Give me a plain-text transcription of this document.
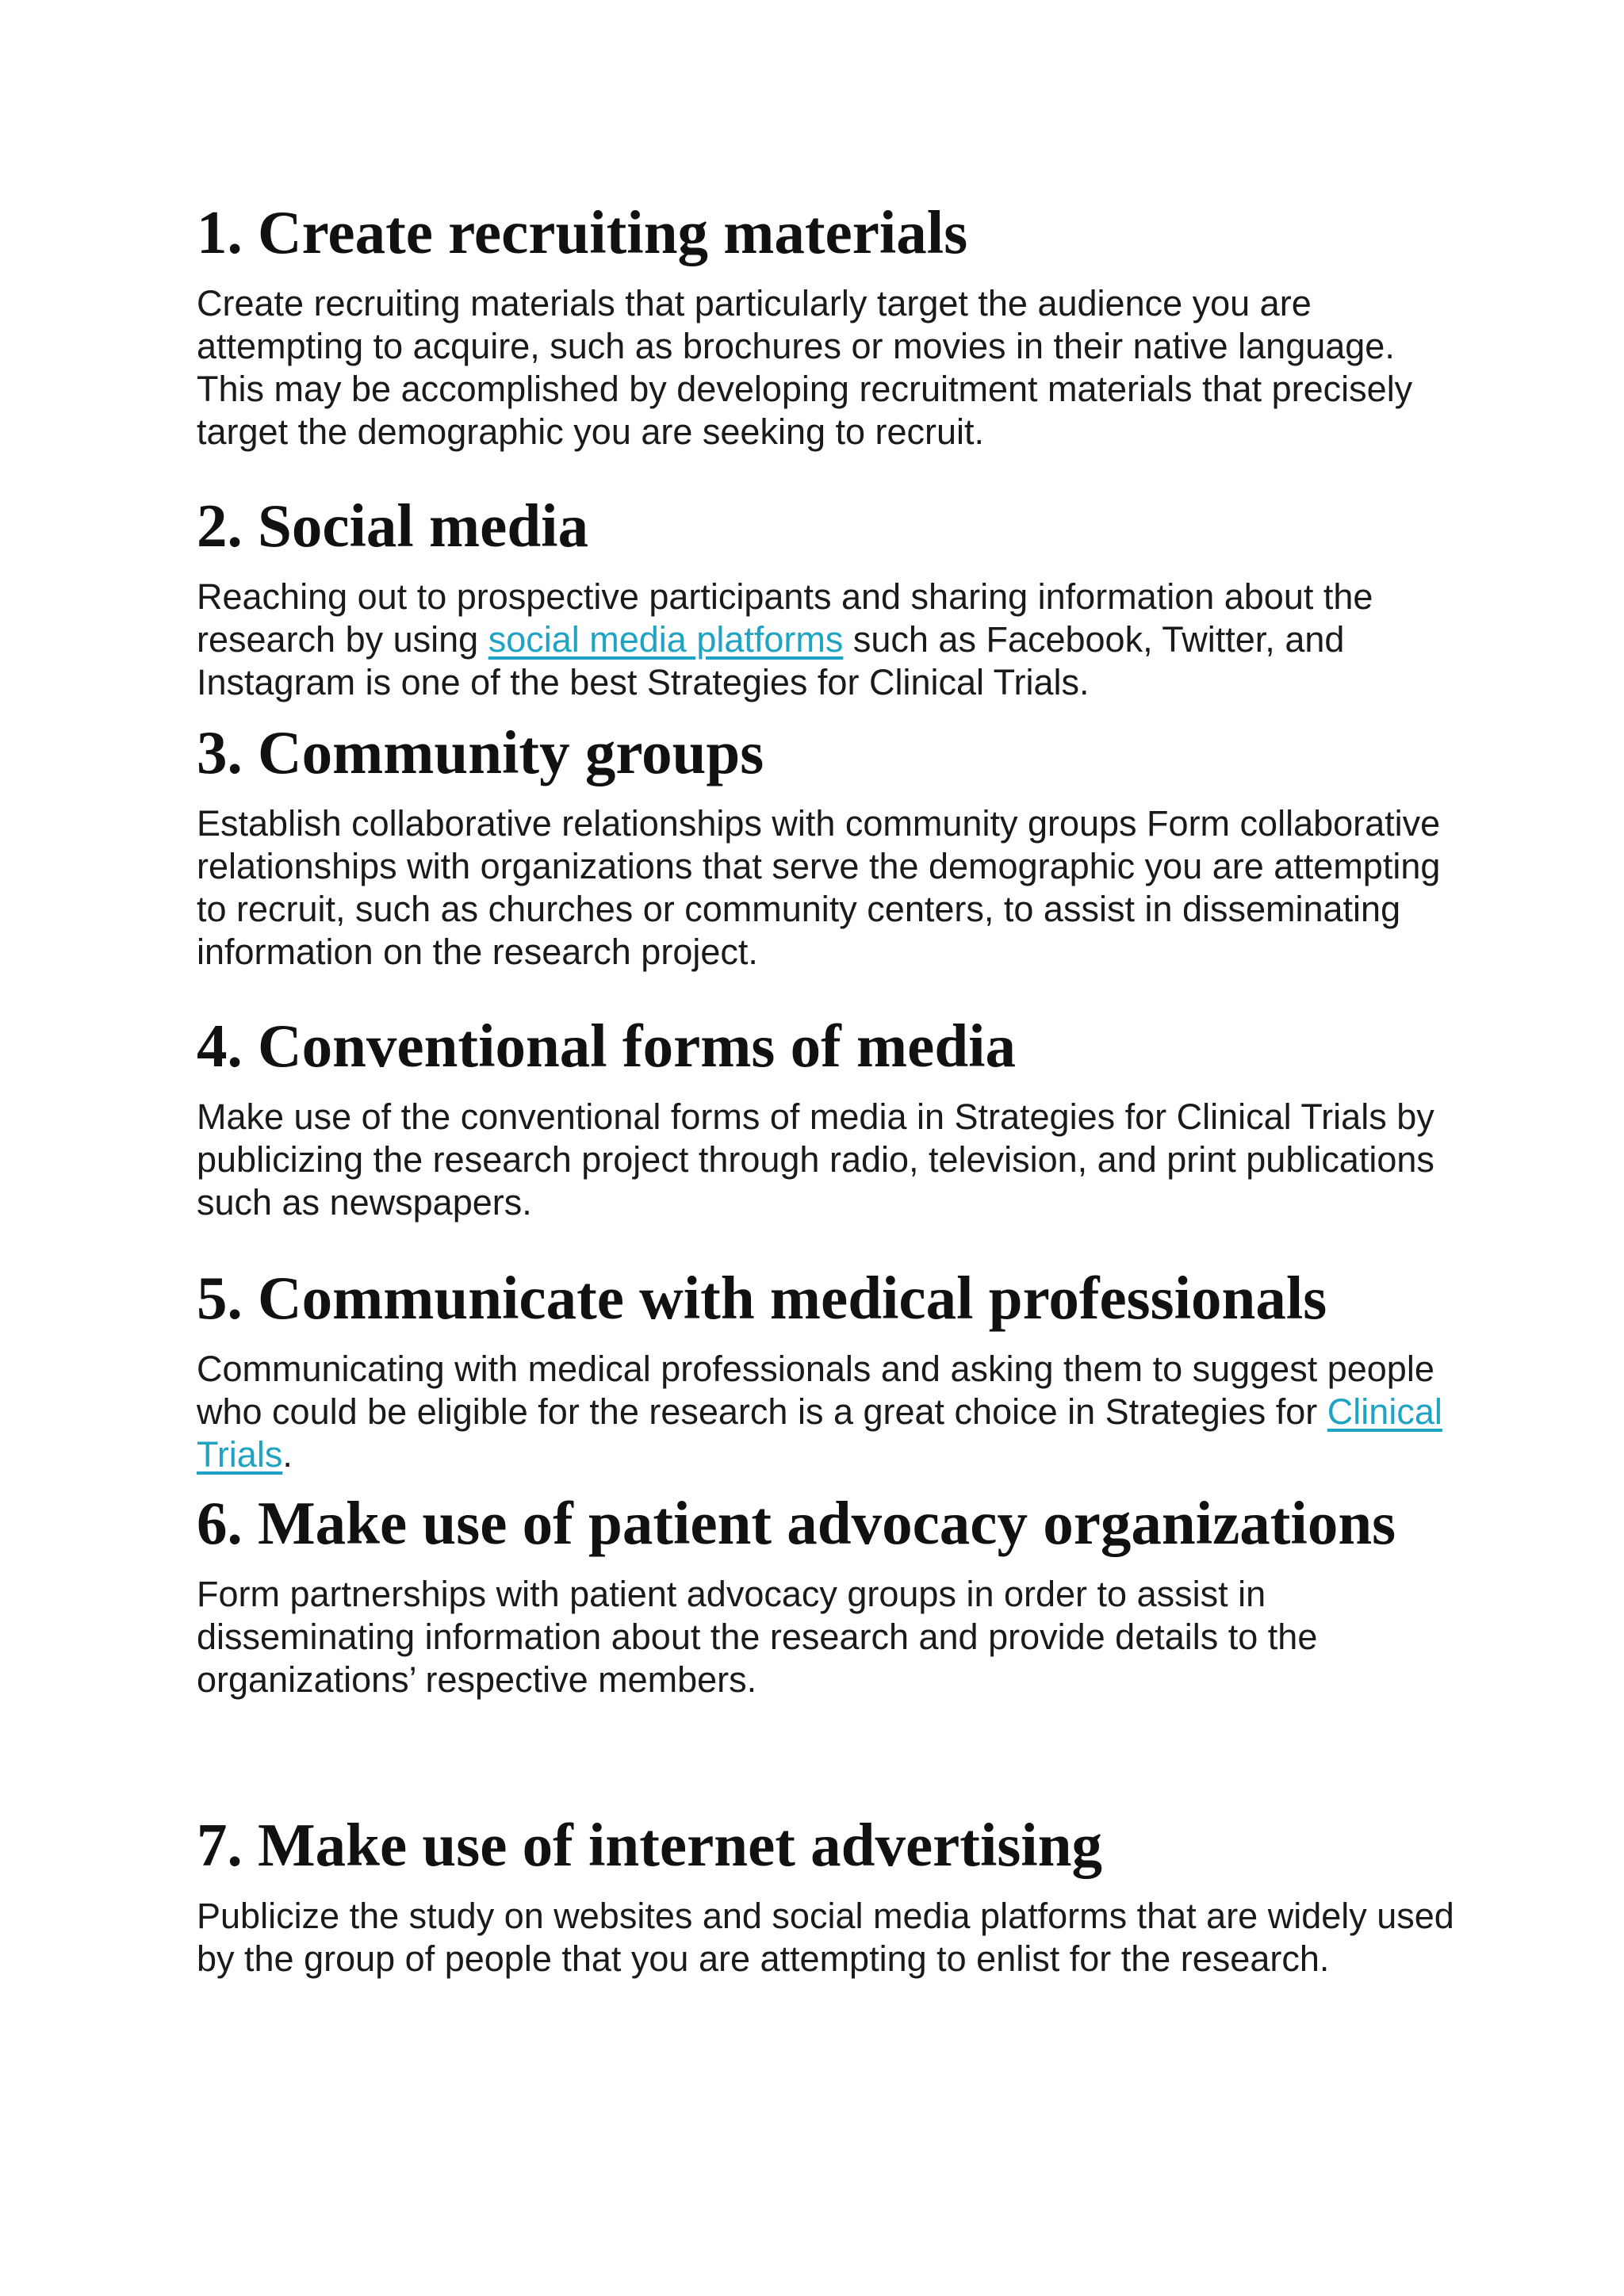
1. Create recruiting materials

Create recruiting materials that particularly target the audience you are attempting to acquire, such as brochures or movies in their native language. This may be accomplished by developing recruitment materials that precisely target the demographic you are seeking to recruit.

2. Social media

Reaching out to prospective participants and sharing information about the research by using social media platforms such as Facebook, Twitter, and Instagram is one of the best Strategies for Clinical Trials.

3. Community groups

Establish collaborative relationships with community groups Form collaborative relationships with organizations that serve the demographic you are attempting to recruit, such as churches or community centers, to assist in disseminating information on the research project.

4. Conventional forms of media

Make use of the conventional forms of media in Strategies for Clinical Trials by publicizing the research project through radio, television, and print publications such as newspapers.

5. Communicate with medical professionals

Communicating with medical professionals and asking them to suggest people who could be eligible for the research is a great choice in Strategies for Clinical Trials.

6. Make use of patient advocacy organizations

Form partnerships with patient advocacy groups in order to assist in disseminating information about the research and provide details to the organizations’ respective members.

7. Make use of internet advertising

Publicize the study on websites and social media platforms that are widely used by the group of people that you are attempting to enlist for the research.
